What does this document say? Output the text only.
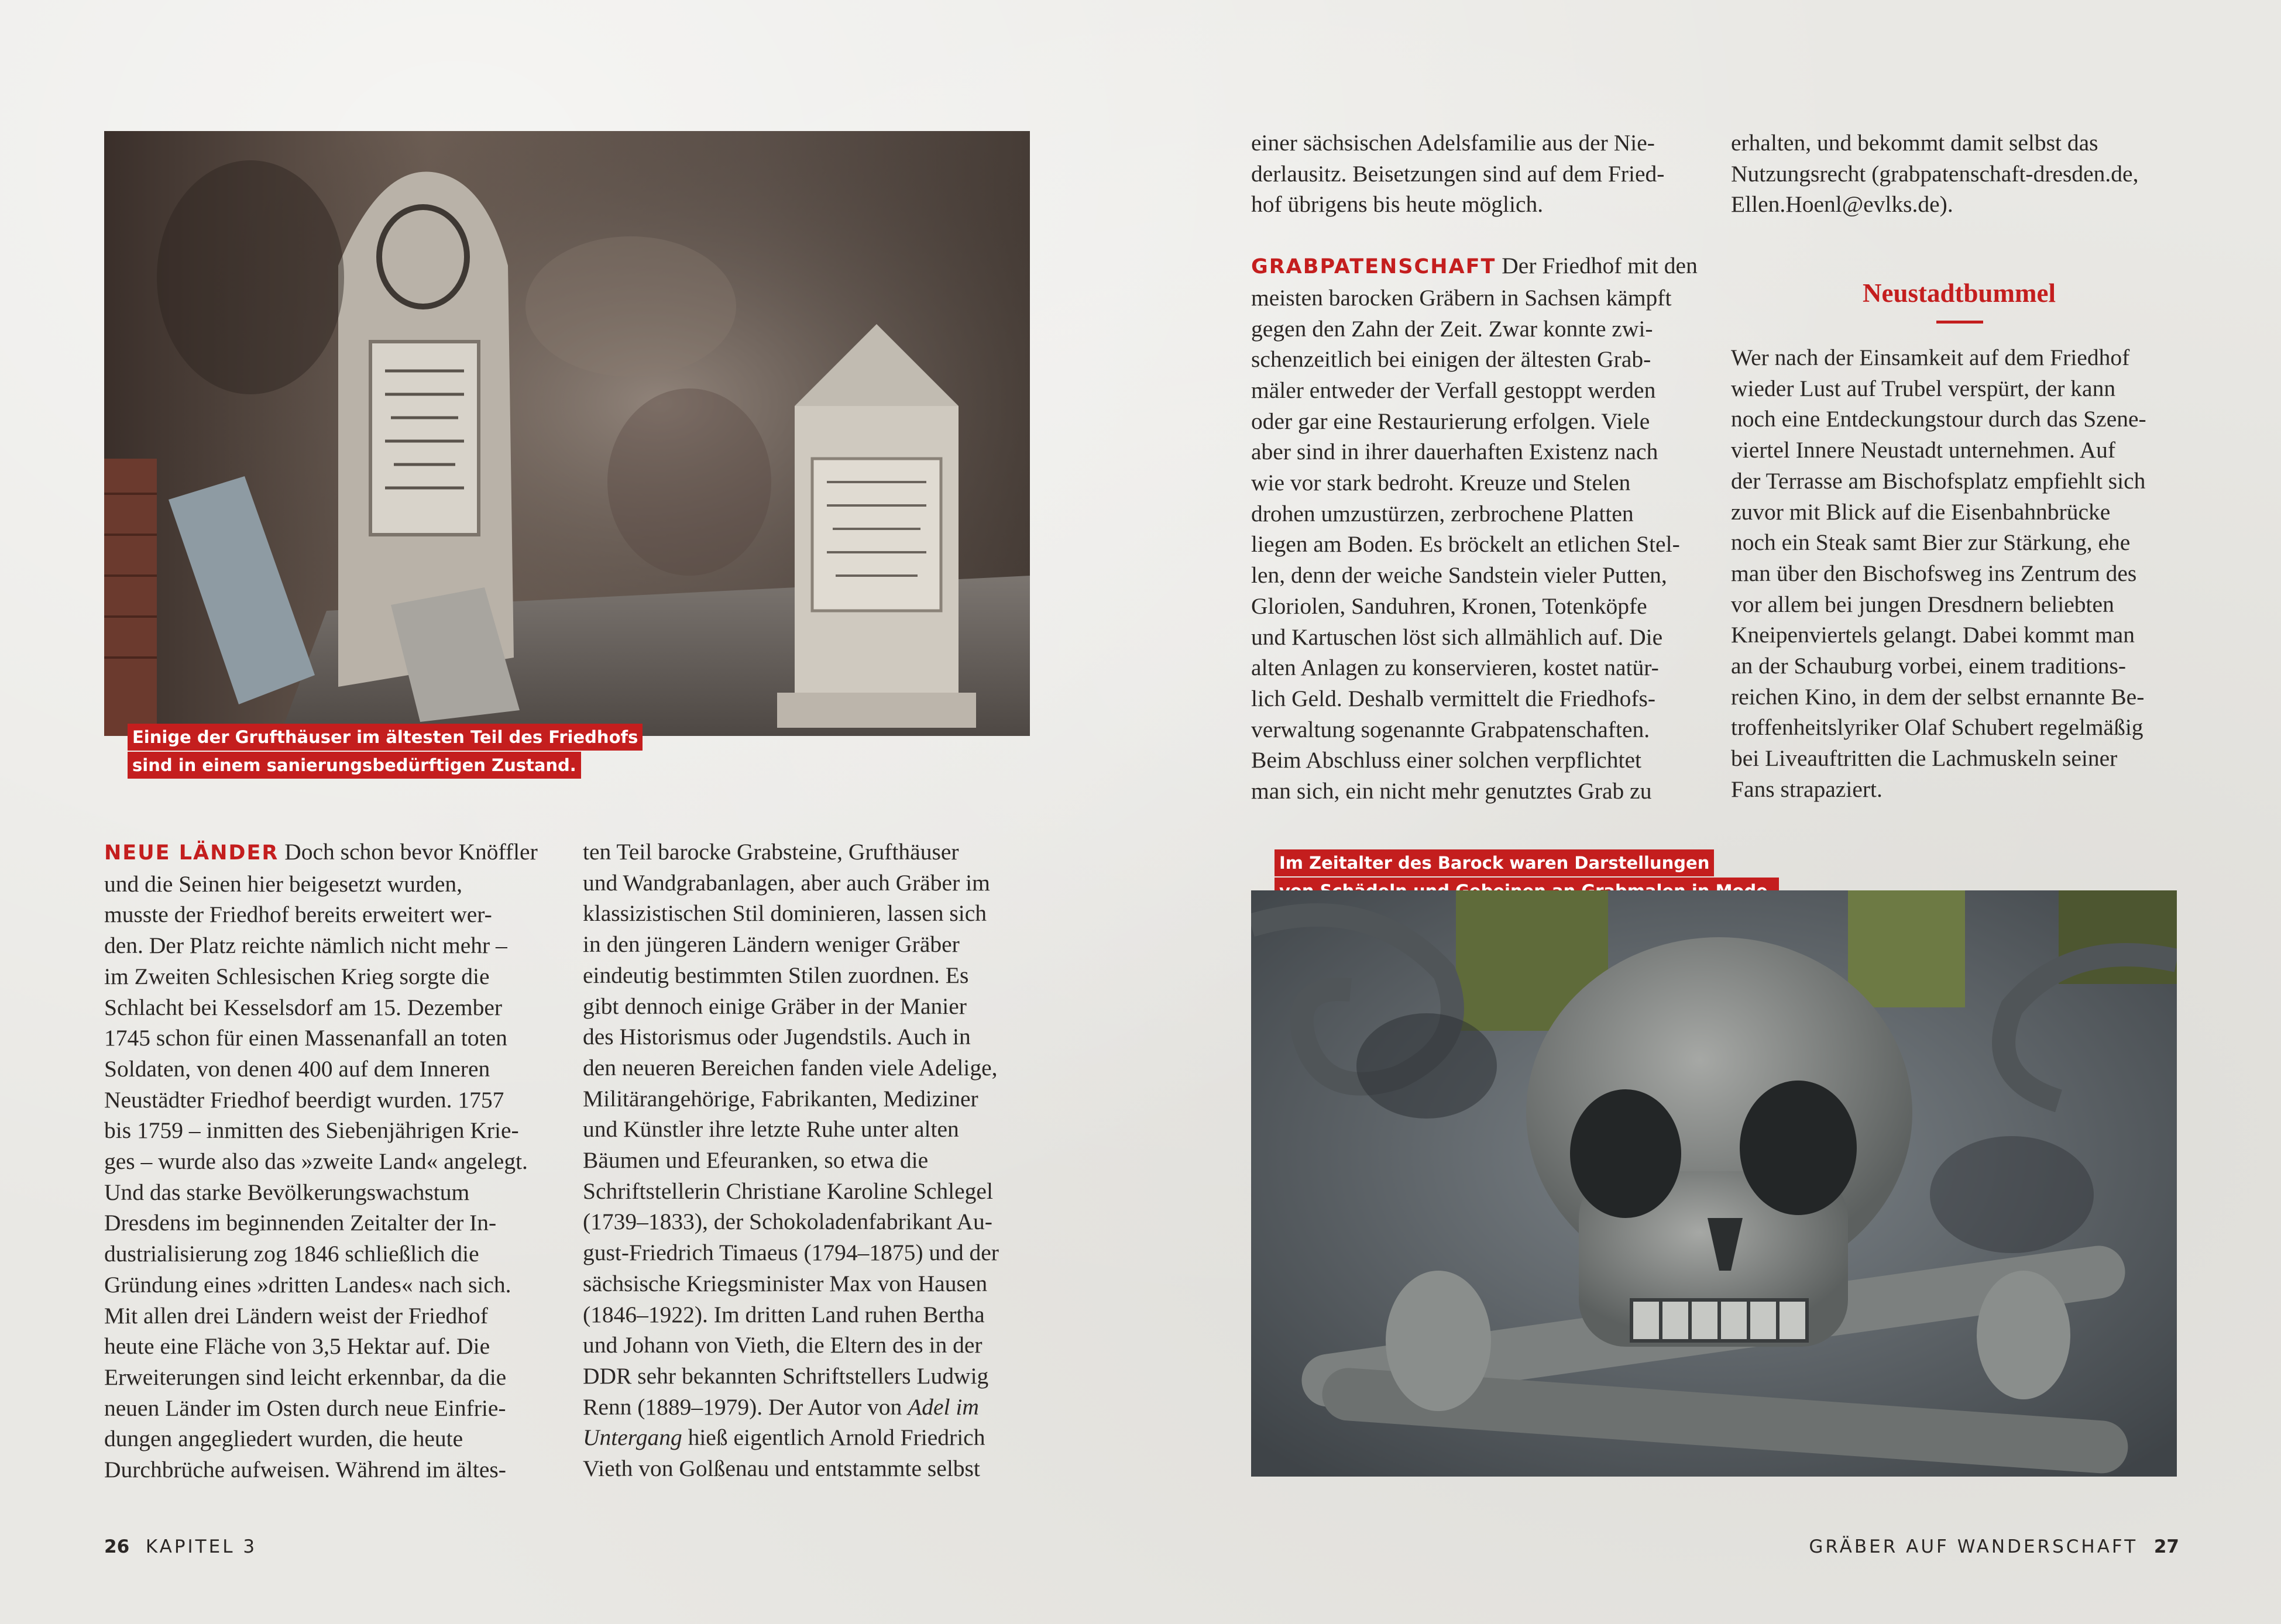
Einige der Grufthäuser im ältesten Teil des Friedhofs
sind in einem sanierungsbedürftigen Zustand.
NEUE LÄNDER Doch schon bevor Knöffler
und die Seinen hier beigesetzt wurden,
musste der Friedhof bereits erweitert wer-
den. Der Platz reichte nämlich nicht mehr –
im Zweiten Schlesischen Krieg sorgte die
Schlacht bei Kesselsdorf am 15. Dezember
1745 schon für einen Massenanfall an toten
Soldaten, von denen 400 auf dem Inneren
Neustädter Friedhof beerdigt wurden. 1757
bis 1759 – inmitten des Siebenjährigen Krie-
ges – wurde also das »zweite Land« angelegt.
Und das starke Bevölkerungswachstum
Dresdens im beginnenden Zeitalter der In-
dustrialisierung zog 1846 schließlich die
Gründung eines »dritten Landes« nach sich.
Mit allen drei Ländern weist der Friedhof
heute eine Fläche von 3,5 Hektar auf. Die
Erweiterungen sind leicht erkennbar, da die
neuen Länder im Osten durch neue Einfrie-
dungen angegliedert wurden, die heute
Durchbrüche aufweisen. Während im ältes-
ten Teil barocke Grabsteine, Grufthäuser
und Wandgrabanlagen, aber auch Gräber im
klassizistischen Stil dominieren, lassen sich
in den jüngeren Ländern weniger Gräber
eindeutig bestimmten Stilen zuordnen. Es
gibt dennoch einige Gräber in der Manier
des Historismus oder Jugendstils. Auch in
den neueren Bereichen fanden viele Adelige,
Militärangehörige, Fabrikanten, Mediziner
und Künstler ihre letzte Ruhe unter alten
Bäumen und Efeuranken, so etwa die
Schriftstellerin Christiane Karoline Schlegel
(1739–1833), der Schokoladenfabrikant Au-
gust-Friedrich Timaeus (1794–1875) und der
sächsische Kriegsminister Max von Hausen
(1846–1922). Im dritten Land ruhen Bertha
und Johann von Vieth, die Eltern des in der
DDR sehr bekannten Schriftstellers Ludwig
Renn (1889–1979). Der Autor von Adel im
Untergang hieß eigentlich Arnold Friedrich
Vieth von Golßenau und entstammte selbst
26 KAPITEL 3
einer sächsischen Adelsfamilie aus der Nie-
derlausitz. Beisetzungen sind auf dem Fried-
hof übrigens bis heute möglich.
GRABPATENSCHAFT Der Friedhof mit den
meisten barocken Gräbern in Sachsen kämpft
gegen den Zahn der Zeit. Zwar konnte zwi-
schenzeitlich bei einigen der ältesten Grab-
mäler entweder der Verfall gestoppt werden
oder gar eine Restaurierung erfolgen. Viele
aber sind in ihrer dauerhaften Existenz nach
wie vor stark bedroht. Kreuze und Stelen
drohen umzustürzen, zerbrochene Platten
liegen am Boden. Es bröckelt an etlichen Stel-
len, denn der weiche Sandstein vieler Putten,
Gloriolen, Sanduhren, Kronen, Totenköpfe
und Kartuschen löst sich allmählich auf. Die
alten Anlagen zu konservieren, kostet natür-
lich Geld. Deshalb vermittelt die Friedhofs-
verwaltung sogenannte Grabpatenschaften.
Beim Abschluss einer solchen verpflichtet
man sich, ein nicht mehr genutztes Grab zu
erhalten, und bekommt damit selbst das
Nutzungsrecht (grabpatenschaft-dresden.de,
Ellen.Hoenl@evlks.de).
Neustadtbummel
Wer nach der Einsamkeit auf dem Friedhof
wieder Lust auf Trubel verspürt, der kann
noch eine Entdeckungstour durch das Szene-
viertel Innere Neustadt unternehmen. Auf
der Terrasse am Bischofsplatz empfiehlt sich
zuvor mit Blick auf die Eisenbahnbrücke
noch ein Steak samt Bier zur Stärkung, ehe
man über den Bischofsweg ins Zentrum des
vor allem bei jungen Dresdnern beliebten
Kneipenviertels gelangt. Dabei kommt man
an der Schauburg vorbei, einem traditions-
reichen Kino, in dem der selbst ernannte Be-
troffenheitslyriker Olaf Schubert regelmäßig
bei Liveauftritten die Lachmuskeln seiner
Fans strapaziert.
Im Zeitalter des Barock waren Darstellungen

GRÄBER AUF WANDERSCHAFT 27
